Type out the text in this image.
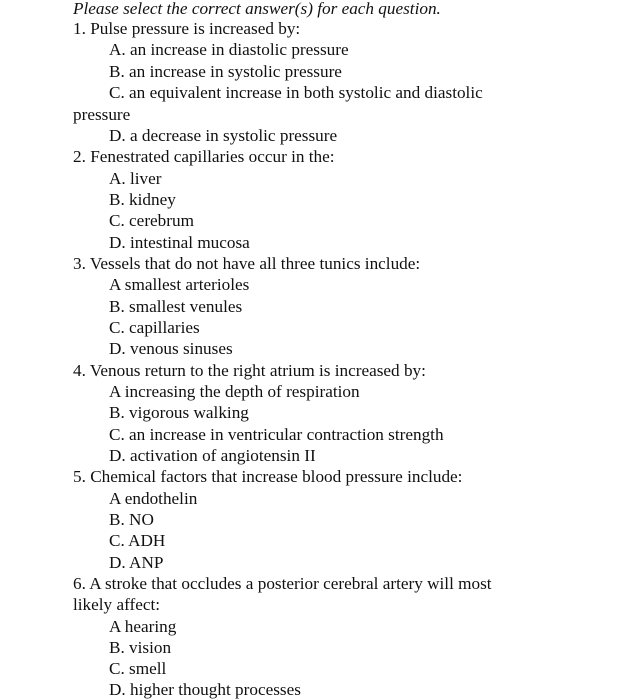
Please select the correct answer(s) for each question.
1. Pulse pressure is increased by:
A. an increase in diastolic pressure
B. an increase in systolic pressure
C. an equivalent increase in both systolic and diastolic
pressure
D. a decrease in systolic pressure
2. Fenestrated capillaries occur in the:
A. liver
B. kidney
C. cerebrum
D. intestinal mucosa
3. Vessels that do not have all three tunics include:
A smallest arterioles
B. smallest venules
C. capillaries
D. venous sinuses
4. Venous return to the right atrium is increased by:
A increasing the depth of respiration
B. vigorous walking
C. an increase in ventricular contraction strength
D. activation of angiotensin II
5. Chemical factors that increase blood pressure include:
A endothelin
B. NO
C. ADH
D. ANP
6. A stroke that occludes a posterior cerebral artery will most
likely affect:
A hearing
B. vision
C. smell
D. higher thought processes
